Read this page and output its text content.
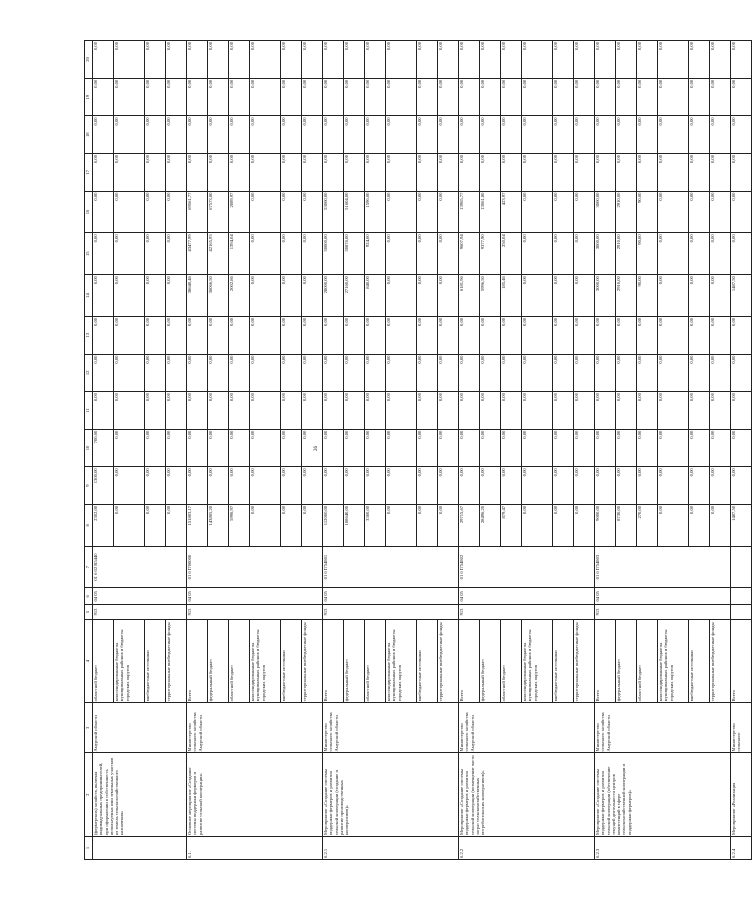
26
1	2	3	4	5	6	7	8	9	10	11	12	13	14	15	16	17	18	19	20
	(фермерских) хозяйств, включая индивидуальных предпринимателей, при оформлении в собственность используемых ими земельных участков из земель сельскохозяйственного назначения»	Амурской области	областной бюджет	913	04 05	01 6 02 R5440	2302,00	1300,00	700,00	0,00	0,00	0,00	0,00	0,00	0,00	0,00	0,00	0,00	0,00
			консолидированные бюджеты муниципальных районов и бюджеты городских округов				0,00	0,00	0,00	0,00	0,00	0,00	0,00	0,00	0,00	0,00	0,00	0,00	0,00
			внебюджетные источники				0,00	0,00	0,00	0,00	0,00	0,00	0,00	0,00	0,00	0,00	0,00	0,00	0,00
			территориальные внебюджетные фонды				0,00	0,00	0,00	0,00	0,00	0,00	0,00	0,00	0,00	0,00	0,00	0,00	0,00
6.1.	Основное мероприятие «Создание системы поддержки фермеров и развитие сельской кооперации»	Министерство сельского хозяйства Амурской области	Всего	913	04 05	01 6 I700000	151803,17	0,00	0,00	0,00	0,00	0,00	38640,46	43477,99	69561,77	0,00	0,00	0,00	0,00
			федеральный бюджет				143805,20	0,00	0,00	0,00	0,00	0,00	36066,50	42165,93	67573,80	0,00	0,00	0,00	0,00
			областной бюджет				5996,97	0,00	0,00	0,00	0,00	0,00	2002,86	1394,04	2089,97	0,00	0,00	0,00	0,00
			консолидированные бюджеты муниципальных районов и бюджеты городских округов				0,00	0,00	0,00	0,00	0,00	0,00	0,00	0,00	0,00	0,00	0,00	0,00	0,00
			внебюджетные источники				0,00	0,00	0,00	0,00	0,00	0,00	0,00	0,00	0,00	0,00	0,00	0,00	0,00
			территориальные внебюджетные фонды				0,00	0,00	0,00	0,00	0,00	0,00	0,00	0,00	0,00	0,00	0,00	0,00	0,00
6.2.1	Мероприятие «Создание системы поддержки фермеров и развития сельской кооперации (создание и развитие производственных кооперативов)»	Министерство сельского хозяйства Амурской области	Всего	913	04 05	01 6 I754801	112000,00	0,00	0,00	0,00	0,00	0,00	28000,00	30000,00	53000,00	0,00	0,00	0,00	0,00
			федеральный бюджет				108640,00	0,00	0,00	0,00	0,00	0,00	27160,00	30876,00	51604,00	0,00	0,00	0,00	0,00
			областной бюджет				3360,00	0,00	0,00	0,00	0,00	0,00	840,00	924,00	1596,00	0,00	0,00	0,00	0,00
			консолидированные бюджеты муниципальных районов и бюджеты городских округов				0,00	0,00	0,00	0,00	0,00	0,00	0,00	0,00	0,00	0,00	0,00	0,00	0,00
			внебюджетные источники				0,00	0,00	0,00	0,00	0,00	0,00	0,00	0,00	0,00	0,00	0,00	0,00	0,00
			территориальные внебюджетные фонды				0,00	0,00	0,00	0,00	0,00	0,00	0,00	0,00	0,00	0,00	0,00	0,00	0,00
6.2.2	Мероприятие «Создание системы поддержки фермеров и развития сельской кооперации (возмещение части затрат сельскохозяйственных потребительских кооперативов)»	Министерство сельского хозяйства Амурской области	Всего	913	04 05	01 6 I754802	29715,67	0,00	0,00	0,00	0,00	0,00	6181,96	9607,94	13965,77	0,00	0,00	0,00	0,00
			федеральный бюджет				28496,20	0,00	0,00	0,00	0,00	0,00	5996,50	9377,90	13061,80	0,00	0,00	0,00	0,00
			областной бюджет				879,47	0,00	0,00	0,00	0,00	0,00	185,46	250,04	423,97	0,00	0,00	0,00	0,00
			консолидированные бюджеты муниципальных районов и бюджеты городских округов				0,00	0,00	0,00	0,00	0,00	0,00	0,00	0,00	0,00	0,00	0,00	0,00	0,00
			внебюджетные источники				0,00	0,00	0,00	0,00	0,00	0,00	0,00	0,00	0,00	0,00	0,00	0,00	0,00
			территориальные внебюджетные фонды				0,00	0,00	0,00	0,00	0,00	0,00	0,00	0,00	0,00	0,00	0,00	0,00	0,00
6.2.3	Мероприятие «Создание системы поддержки фермеров и развития сельской кооперации (обеспечение текущей деятельности центров компетенций в сфере сельскохозяйственной кооперации и поддержки фермеров)»	Министерство сельского хозяйства Амурской области	Всего	913	04 05	01 6 I754803	9000,00	0,00	0,00	0,00	0,00	0,00	3000,00	3000,00	3000,00	0,00	0,00	0,00	0,00
			федеральный бюджет				8730,00	0,00	0,00	0,00	0,00	0,00	2910,00	2910,00	2910,00	0,00	0,00	0,00	0,00
			областной бюджет				270,00	0,00	0,00	0,00	0,00	0,00	90,00	90,00	90,00	0,00	0,00	0,00	0,00
			консолидированные бюджеты муниципальных районов и бюджеты городских округов				0,00	0,00	0,00	0,00	0,00	0,00	0,00	0,00	0,00	0,00	0,00	0,00	0,00
			внебюджетные источники				0,00	0,00	0,00	0,00	0,00	0,00	0,00	0,00	0,00	0,00	0,00	0,00	0,00
			территориальные внебюджетные фонды				0,00	0,00	0,00	0,00	0,00	0,00	0,00	0,00	0,00	0,00	0,00	0,00	0,00
6.2.4	Мероприятие «Реализация	Министерство сельского	Всего				1487,50	0,00	0,00	0,00	0,00	0,00	1487,50	0,00	0,00	0,00	0,00	0,00	0,00
